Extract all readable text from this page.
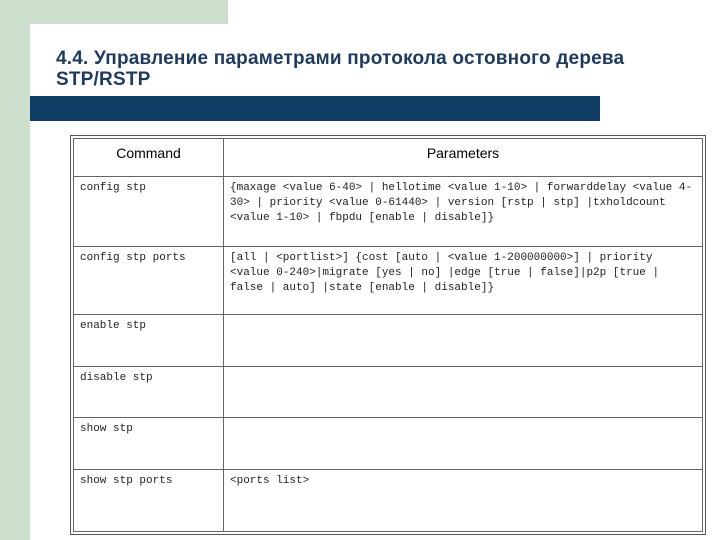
4.4. Управление параметрами протокола остовного дерева STP/RSTP
Command	Parameters
config stp	{maxage <value 6-40> | hellotime <value 1-10> | forwarddelay <value 4-30> | priority <value 0-61440> | version [rstp | stp] |txholdcount <value 1-10> | fbpdu [enable | disable]}
config stp ports	[all | <portlist>] {cost [auto | <value 1-200000000>] | priority <value 0-240>|migrate [yes | no] |edge [true | false]|p2p [true | false | auto] |state [enable | disable]}
enable stp	
disable stp	
show stp	
show stp ports	<ports list>
